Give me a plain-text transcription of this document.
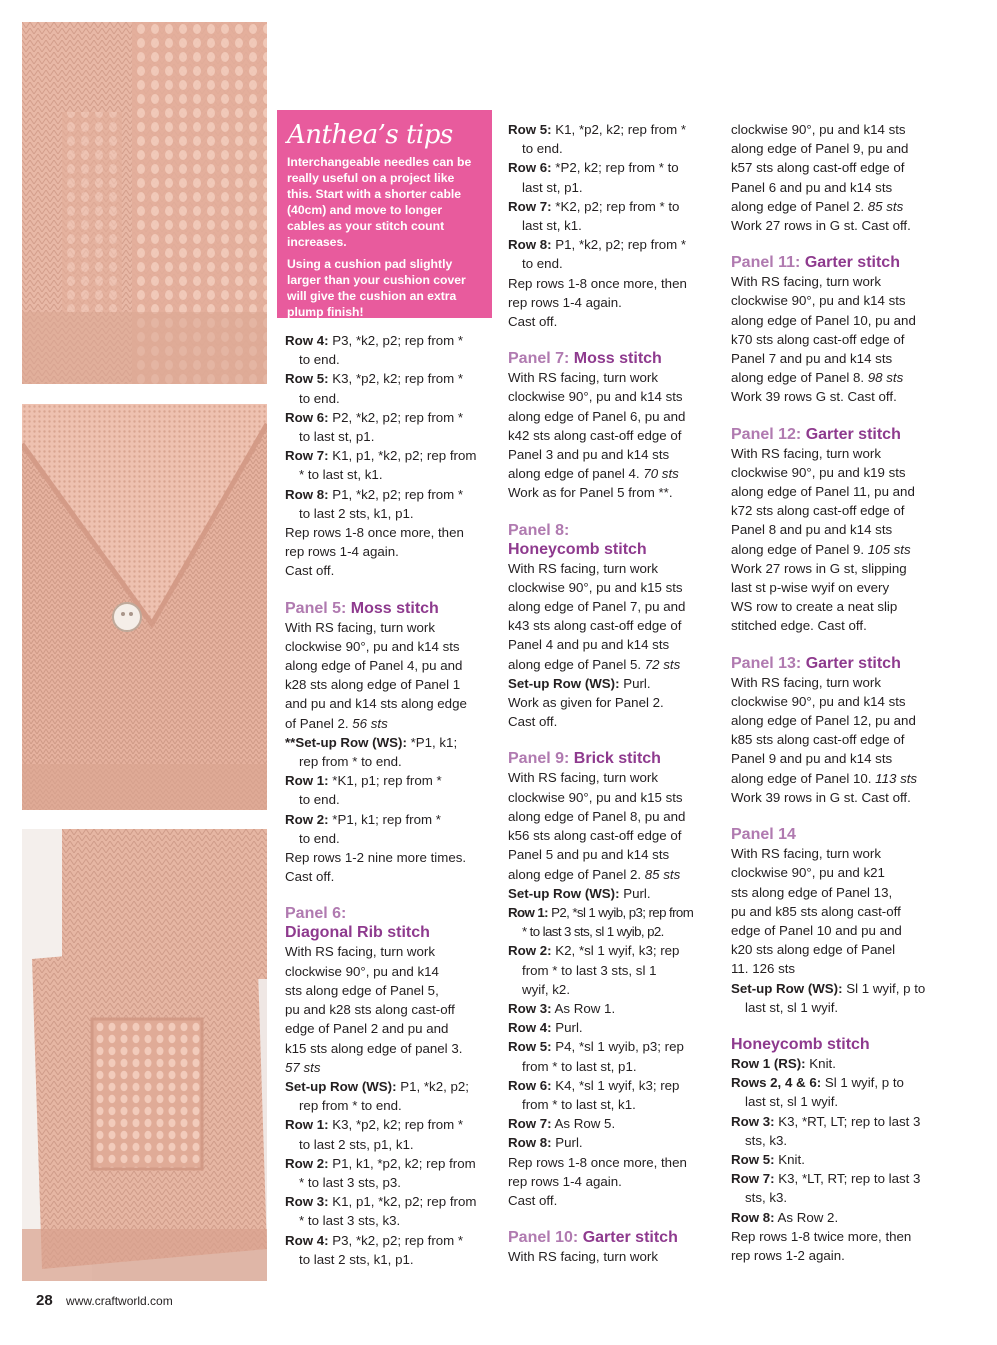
Anthea’s tips

Interchangeable needles can be really useful on a project like this. Start with a shorter cable (40cm) and move to longer cables as your stitch count increases.

Using a cushion pad slightly larger than your cushion cover will give the cushion an extra plump finish!

Row 4: P3, *k2, p2; rep from *
to end.
Row 5: K3, *p2, k2; rep from *
to end.
Row 6: P2, *k2, p2; rep from *
to last st, p1.
Row 7: K1, p1, *k2, p2; rep from
* to last st, k1.
Row 8: P1, *k2, p2; rep from *
to last 2 sts, k1, p1.
Rep rows 1-8 once more, then
rep rows 1-4 again.
Cast off.
Panel 5: Moss stitch
With RS facing, turn work
clockwise 90°, pu and k14 sts
along edge of Panel 4, pu and
k28 sts along edge of Panel 1
and pu and k14 sts along edge
of Panel 2. 56 sts
**Set-up Row (WS): *P1, k1;
rep from * to end.
Row 1: *K1, p1; rep from *
to end.
Row 2: *P1, k1; rep from *
to end.
Rep rows 1-2 nine more times.
Cast off.
Panel 6:
Diagonal Rib stitch
With RS facing, turn work
clockwise 90°, pu and k14
sts along edge of Panel 5,
pu and k28 sts along cast-off
edge of Panel 2 and pu and
k15 sts along edge of panel 3.
57 sts
Set-up Row (WS): P1, *k2, p2;
rep from * to end.
Row 1: K3, *p2, k2; rep from *
to last 2 sts, p1, k1.
Row 2: P1, k1, *p2, k2; rep from
* to last 3 sts, p3.
Row 3: K1, p1, *k2, p2; rep from
* to last 3 sts, k3.
Row 4: P3, *k2, p2; rep from *
to last 2 sts, k1, p1.
Row 5: K1, *p2, k2; rep from *
to end.
Row 6: *P2, k2; rep from * to
last st, p1.
Row 7: *K2, p2; rep from * to
last st, k1.
Row 8: P1, *k2, p2; rep from *
to end.
Rep rows 1-8 once more, then
rep rows 1-4 again.
Cast off.
Panel 7: Moss stitch
With RS facing, turn work
clockwise 90°, pu and k14 sts
along edge of Panel 6, pu and
k42 sts along cast-off edge of
Panel 3 and pu and k14 sts
along edge of panel 4. 70 sts
Work as for Panel 5 from **.
Panel 8:
Honeycomb stitch
With RS facing, turn work
clockwise 90°, pu and k15 sts
along edge of Panel 7, pu and
k43 sts along cast-off edge of
Panel 4 and pu and k14 sts
along edge of Panel 5. 72 sts
Set-up Row (WS): Purl.
Work as given for Panel 2.
Cast off.
Panel 9: Brick stitch
With RS facing, turn work
clockwise 90°, pu and k15 sts
along edge of Panel 8, pu and
k56 sts along cast-off edge of
Panel 5 and pu and k14 sts
along edge of Panel 2. 85 sts
Set-up Row (WS): Purl.
Row 1: P2, *sl 1 wyib, p3; rep from
* to last 3 sts, sl 1 wyib, p2.
Row 2: K2, *sl 1 wyif, k3; rep
from * to last 3 sts, sl 1
wyif, k2.
Row 3: As Row 1.
Row 4: Purl.
Row 5: P4, *sl 1 wyib, p3; rep
from * to last st, p1.
Row 6: K4, *sl 1 wyif, k3; rep
from * to last st, k1.
Row 7: As Row 5.
Row 8: Purl.
Rep rows 1-8 once more, then
rep rows 1-4 again.
Cast off.
Panel 10: Garter stitch
With RS facing, turn work
clockwise 90°, pu and k14 sts
along edge of Panel 9, pu and
k57 sts along cast-off edge of
Panel 6 and pu and k14 sts
along edge of Panel 2. 85 sts
Work 27 rows in G st. Cast off.
Panel 11: Garter stitch
With RS facing, turn work
clockwise 90°, pu and k14 sts
along edge of Panel 10, pu and
k70 sts along cast-off edge of
Panel 7 and pu and k14 sts
along edge of Panel 8. 98 sts
Work 39 rows G st. Cast off.
Panel 12: Garter stitch
With RS facing, turn work
clockwise 90°, pu and k19 sts
along edge of Panel 11, pu and
k72 sts along cast-off edge of
Panel 8 and pu and k14 sts
along edge of Panel 9. 105 sts
Work 27 rows in G st, slipping
last st p-wise wyif on every
WS row to create a neat slip
stitched edge. Cast off.
Panel 13: Garter stitch
With RS facing, turn work
clockwise 90°, pu and k14 sts
along edge of Panel 12, pu and
k85 sts along cast-off edge of
Panel 9 and pu and k14 sts
along edge of Panel 10. 113 sts
Work 39 rows in G st. Cast off.
Panel 14
With RS facing, turn work
clockwise 90°, pu and k21
sts along edge of Panel 13,
pu and k85 sts along cast-off
edge of Panel 10 and pu and
k20 sts along edge of Panel
11. 126 sts
Set-up Row (WS): Sl 1 wyif, p to
last st, sl 1 wyif.
Honeycomb stitch
Row 1 (RS): Knit.
Rows 2, 4 & 6: Sl 1 wyif, p to
last st, sl 1 wyif.
Row 3: K3, *RT, LT; rep to last 3
sts, k3.
Row 5: Knit.
Row 7: K3, *LT, RT; rep to last 3
sts, k3.
Row 8: As Row 2.
Rep rows 1-8 twice more, then
rep rows 1-2 again.
28 www.craftworld.com
